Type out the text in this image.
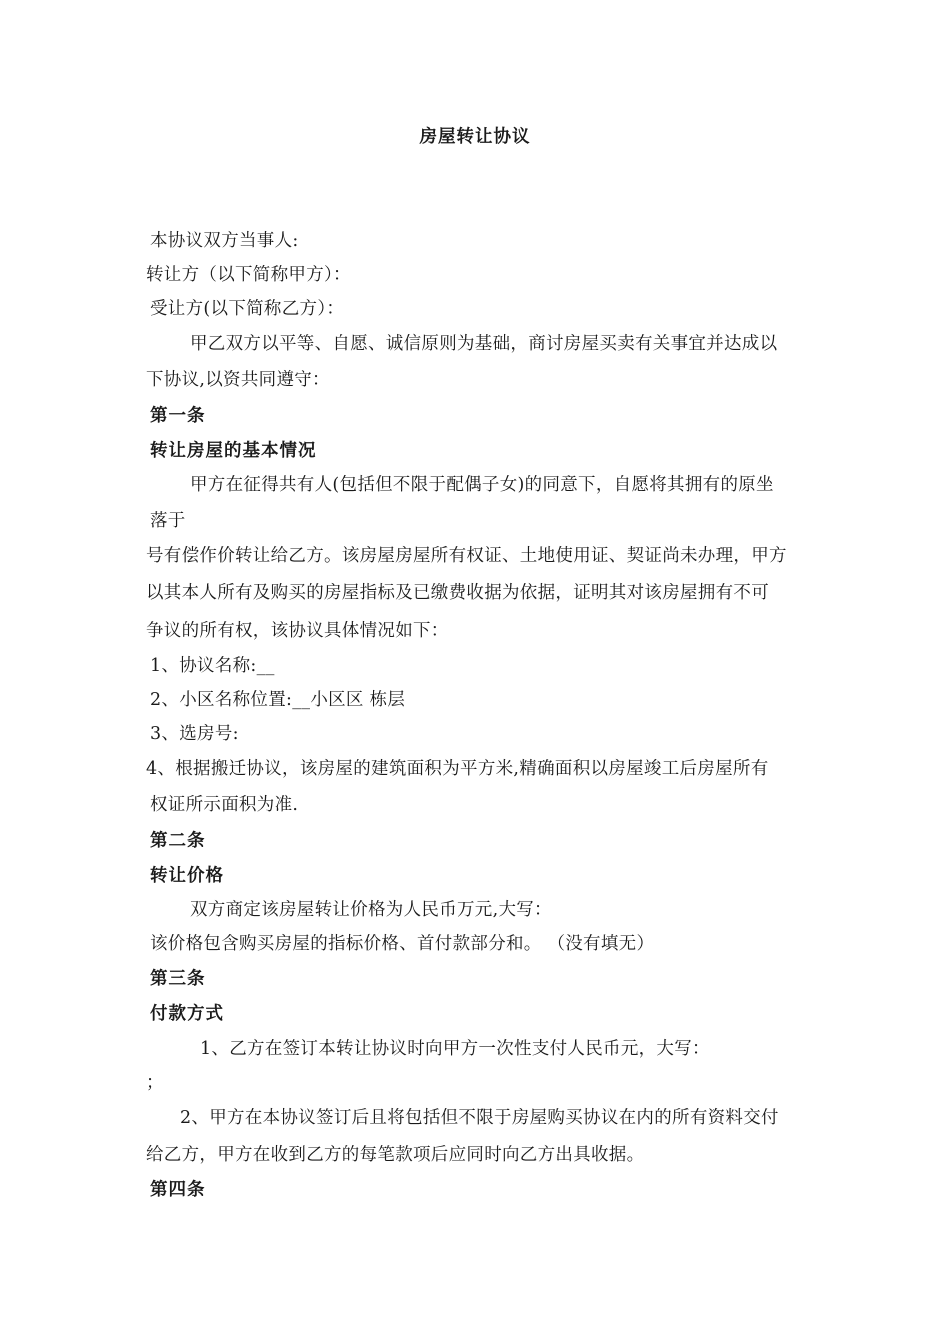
房屋转让协议
本协议双方当事人:
转让方（以下简称甲方）：
受让方(以下简称乙方）：
甲乙双方以平等、自愿、诚信原则为基础，商讨房屋买卖有关事宜并达成以
下协议,以资共同遵守：
第一条
转让房屋的基本情况
甲方在征得共有人(包括但不限于配偶子女)的同意下，自愿将其拥有的原坐
落于
号有偿作价转让给乙方。该房屋房屋所有权证、土地使用证、契证尚未办理，甲方
以其本人所有及购买的房屋指标及已缴费收据为依据，证明其对该房屋拥有不可
争议的所有权，该协议具体情况如下：
1、协议名称:__
2、小区名称位置:__小区区 栋层
3、选房号:
4、根据搬迁协议，该房屋的建筑面积为平方米,精确面积以房屋竣工后房屋所有
权证所示面积为准.
第二条
转让价格
双方商定该房屋转让价格为人民币万元,大写：
该价格包含购买房屋的指标价格、首付款部分和。 （没有填无）
第三条
付款方式
1、乙方在签订本转让协议时向甲方一次性支付人民币元，大写：
；
2、甲方在本协议签订后且将包括但不限于房屋购买协议在内的所有资料交付
给乙方，甲方在收到乙方的每笔款项后应同时向乙方出具收据。
第四条
